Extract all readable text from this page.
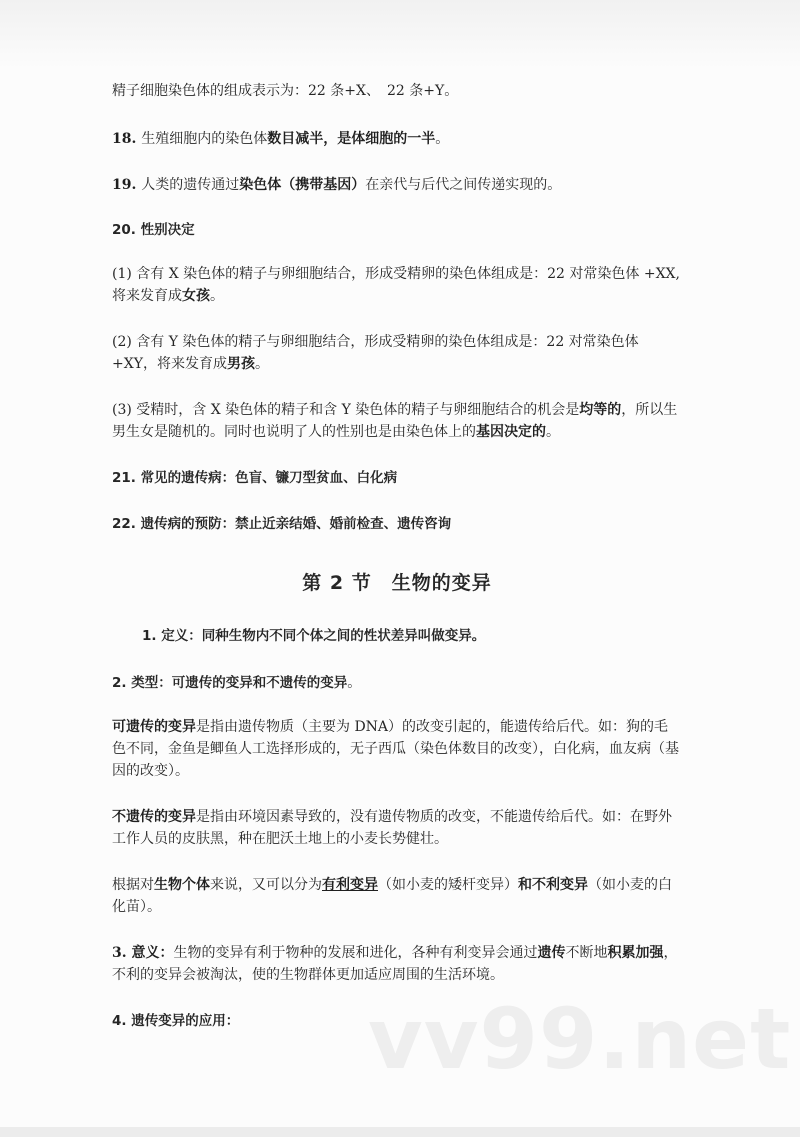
精子细胞染色体的组成表示为：22 条+X、　22 条+Y。

18. 生殖细胞内的染色体数目减半，是体细胞的一半。

19. 人类的遗传通过染色体（携带基因）在亲代与后代之间传递实现的。

20. 性别决定

(1) 含有 X 染色体的精子与卵细胞结合，形成受精卵的染色体组成是：22 对常染色体 +XX, 将来发育成女孩。

(2) 含有 Y 染色体的精子与卵细胞结合，形成受精卵的染色体组成是：22 对常染色体 +XY，将来发育成男孩。

(3) 受精时，含 X 染色体的精子和含 Y 染色体的精子与卵细胞结合的机会是均等的，所以生男生女是随机的。同时也说明了人的性别也是由染色体上的基因决定的。

21. 常见的遗传病：色盲、镰刀型贫血、白化病

22. 遗传病的预防：禁止近亲结婚、婚前检查、遗传咨询

第 2 节　生物的变异

1. 定义：同种生物内不同个体之间的性状差异叫做变异。

2. 类型：可遗传的变异和不遗传的变异。

可遗传的变异是指由遗传物质（主要为 DNA）的改变引起的，能遗传给后代。如：狗的毛色不同，金鱼是鲫鱼人工选择形成的，无子西瓜（染色体数目的改变），白化病，血友病（基因的改变）。

不遗传的变异是指由环境因素导致的，没有遗传物质的改变，不能遗传给后代。如：在野外工作人员的皮肤黑，种在肥沃土地上的小麦长势健壮。

根据对生物个体来说，又可以分为有利变异（如小麦的矮杆变异）和不利变异（如小麦的白化苗）。

3. 意义：生物的变异有利于物种的发展和进化，各种有利变异会通过遗传不断地积累加强，不利的变异会被淘汰，使的生物群体更加适应周围的生活环境。

4. 遗传变异的应用： vv99.net
